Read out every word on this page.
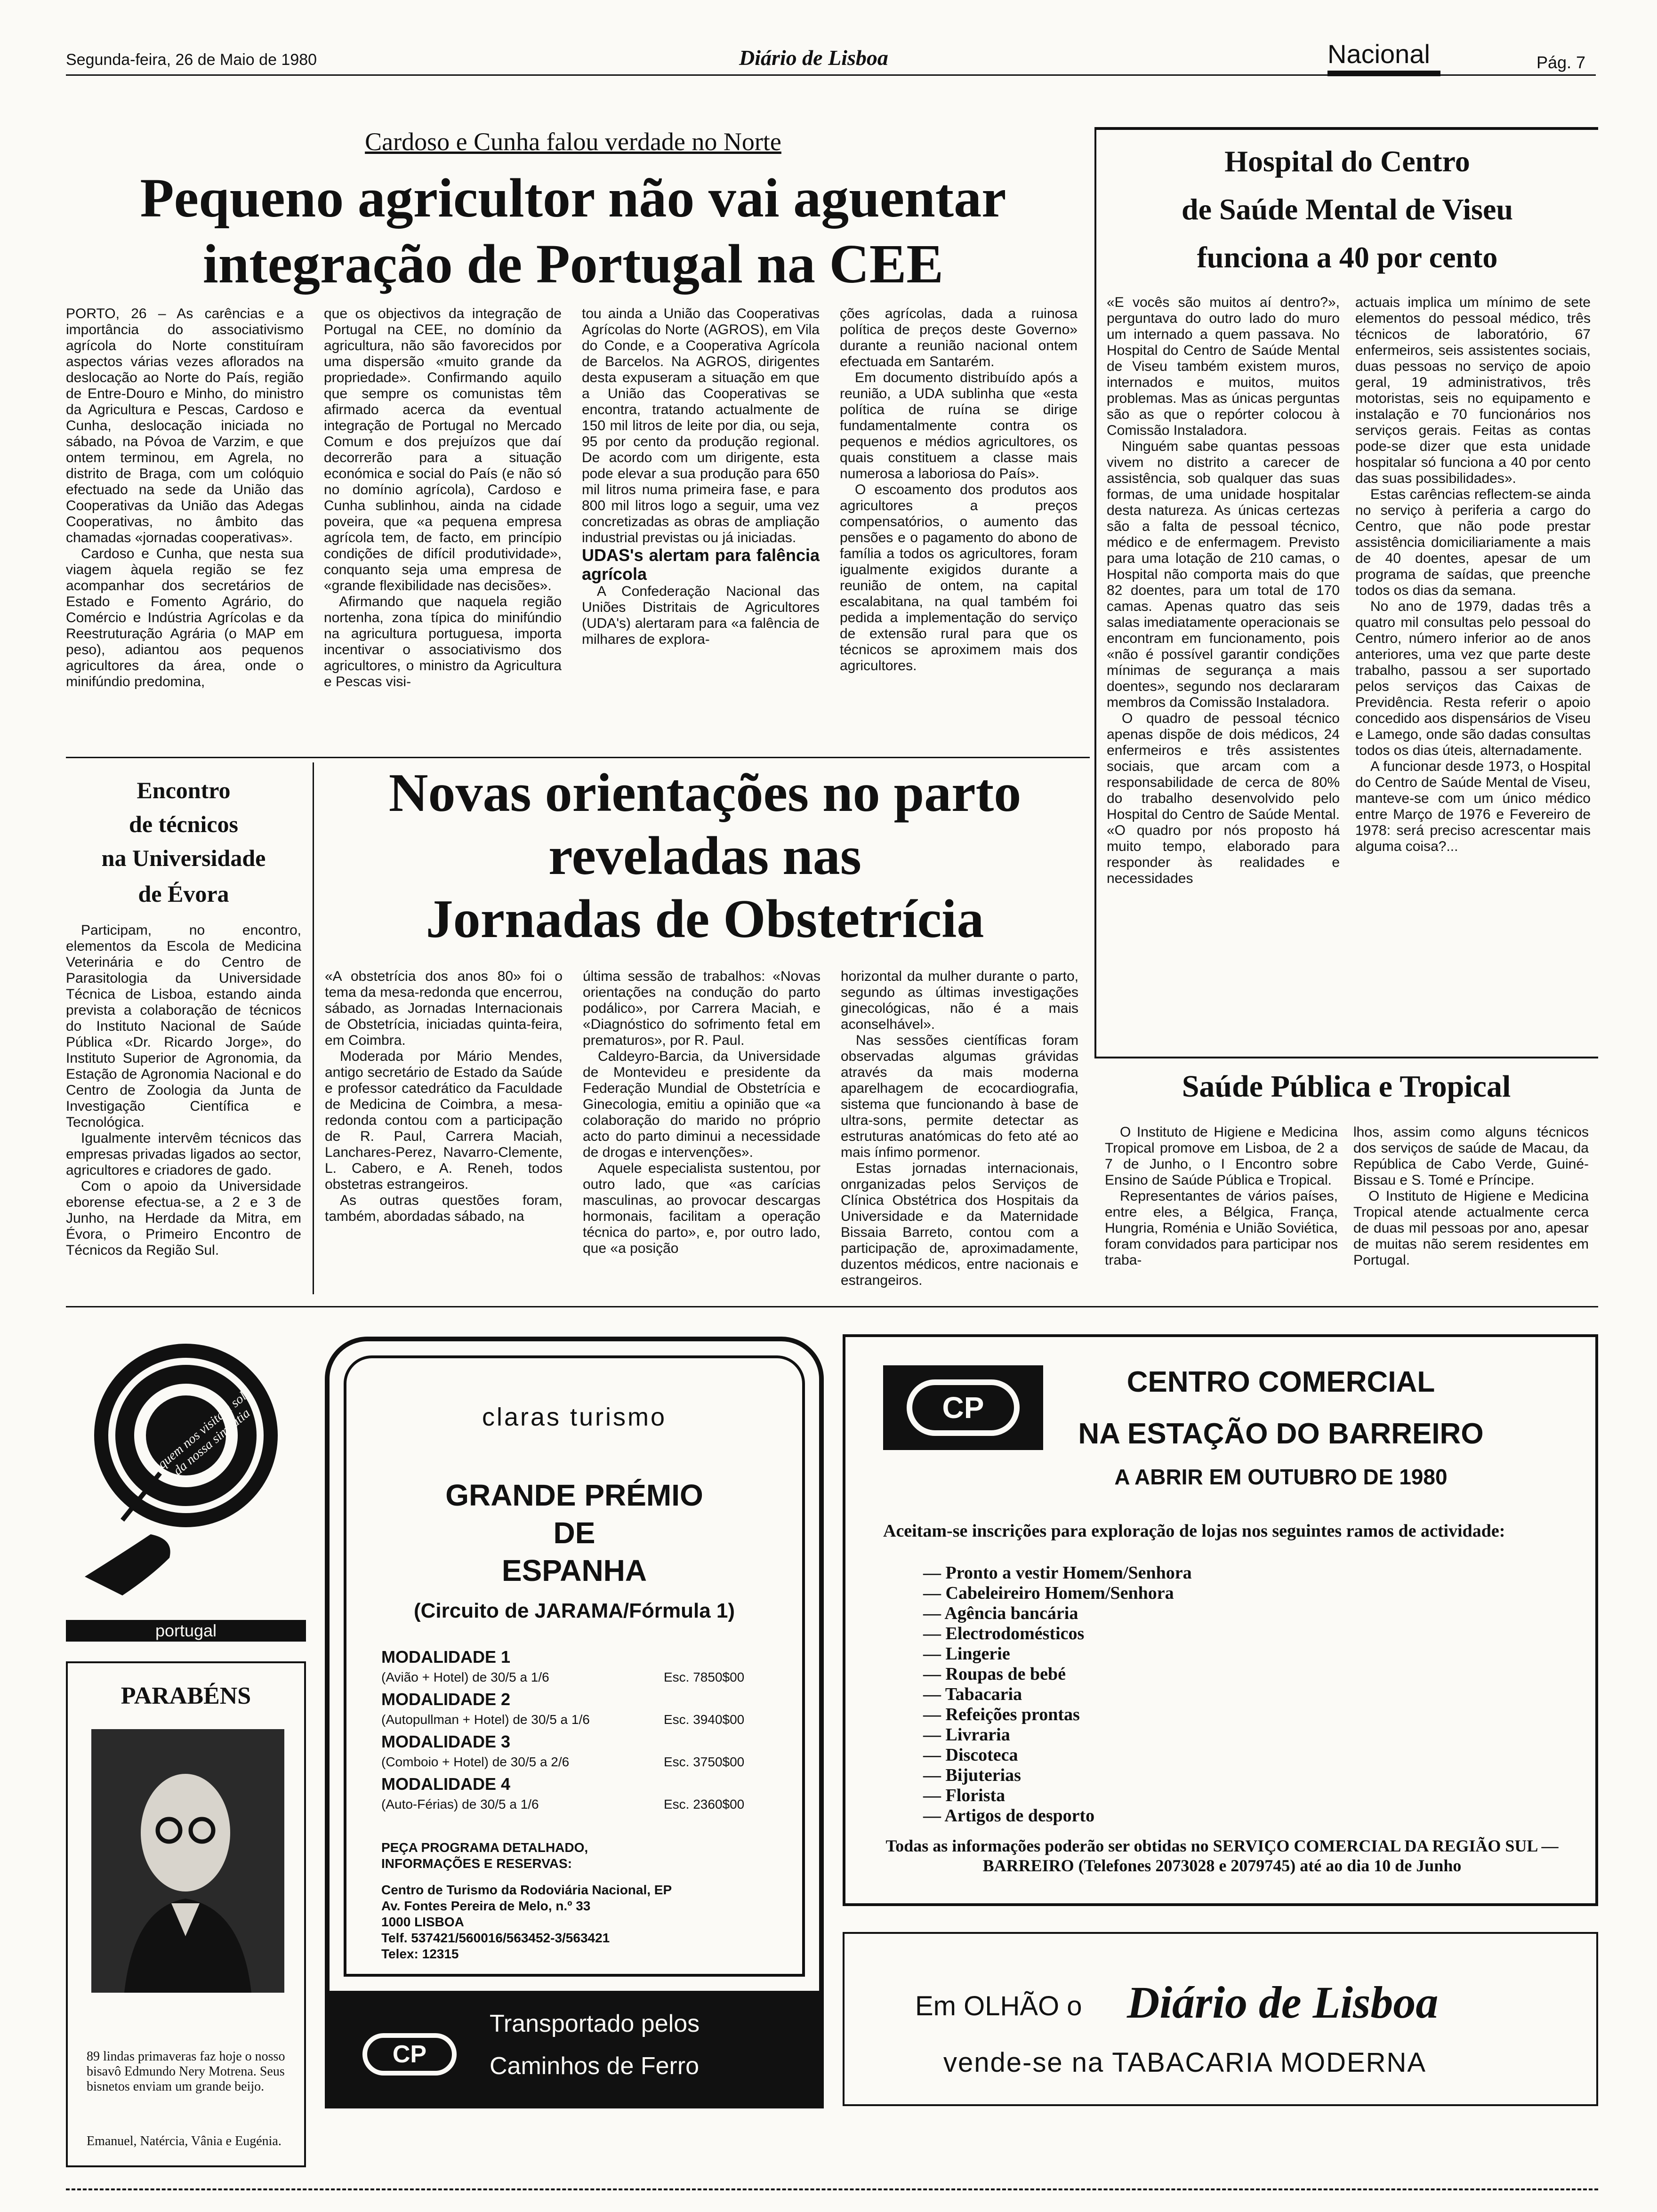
Segunda-feira, 26 de Maio de 1980	Diário de Lisboa	Nacional	Pág. 7
Cardoso e Cunha falou verdade no Norte
Pequeno agricultor não vai aguentar
integração de Portugal na CEE

PORTO, 26 – As carências e a importância do associativismo agrícola do Norte constituíram aspectos várias vezes aflorados na deslocação ao Norte do País, região de Entre-Douro e Minho, do ministro da Agricultura e Pescas, Cardoso e Cunha, deslocação iniciada no sábado, na Póvoa de Varzim, e que ontem terminou, em Agrela, no distrito de Braga, com um colóquio efectuado na sede da União das Cooperativas da União das Adegas Cooperativas, no âmbito das chamadas «jornadas cooperativas».

Cardoso e Cunha, que nesta sua viagem àquela região se fez acompanhar dos secretários de Estado e Fomento Agrário, do Comércio e Indústria Agrícolas e da Reestruturação Agrária (o MAP em peso), adiantou aos pequenos agricultores da área, onde o minifúndio predomina,

que os objectivos da integração de Portugal na CEE, no domínio da agricultura, não são favorecidos por uma dispersão «muito grande da propriedade». Confirmando aquilo que sempre os comunistas têm afirmado acerca da eventual integração de Portugal no Mercado Comum e dos prejuízos que daí decorrerão para a situação económica e social do País (e não só no domínio agrícola), Cardoso e Cunha sublinhou, ainda na cidade poveira, que «a pequena empresa agrícola tem, de facto, em princípio condições de difícil produtividade», conquanto seja uma empresa de «grande flexibilidade nas decisões».

Afirmando que naquela região nortenha, zona típica do minifúndio na agricultura portuguesa, importa incentivar o associativismo dos agricultores, o ministro da Agricultura e Pescas visi-

tou ainda a União das Cooperativas Agrícolas do Norte (AGROS), em Vila do Conde, e a Cooperativa Agrícola de Barcelos. Na AGROS, dirigentes desta expuseram a situação em que a União das Cooperativas se encontra, tratando actualmente de 150 mil litros de leite por dia, ou seja, 95 por cento da produção regional. De acordo com um dirigente, esta pode elevar a sua produção para 650 mil litros numa primeira fase, e para 800 mil litros logo a seguir, uma vez concretizadas as obras de ampliação industrial previstas ou já iniciadas.

UDAS's alertam para falência agrícola

A Confederação Nacional das Uniões Distritais de Agricultores (UDA's) alertaram para «a falência de milhares de explora-

ções agrícolas, dada a ruinosa política de preços deste Governo» durante a reunião nacional ontem efectuada em Santarém.

Em documento distribuído após a reunião, a UDA sublinha que «esta política de ruína se dirige fundamentalmente contra os pequenos e médios agricultores, os quais constituem a classe mais numerosa a laboriosa do País».

O escoamento dos produtos aos agricultores a preços compensatórios, o aumento das pensões e o pagamento do abono de família a todos os agricultores, foram igualmente exigidos durante a reunião de ontem, na capital escalabitana, na qual também foi pedida a implementação do serviço de extensão rural para que os técnicos se aproximem mais dos agricultores.

Hospital do Centro
de Saúde Mental de Viseu
funciona a 40 por cento

«E vocês são muitos aí dentro?», perguntava do outro lado do muro um internado a quem passava. No Hospital do Centro de Saúde Mental de Viseu também existem muros, internados e muitos, muitos problemas. Mas as únicas perguntas são as que o repórter colocou à Comissão Instaladora.

Ninguém sabe quantas pessoas vivem no distrito a carecer de assistência, sob qualquer das suas formas, de uma unidade hospitalar desta natureza. As únicas certezas são a falta de pessoal técnico, médico e de enfermagem. Previsto para uma lotação de 210 camas, o Hospital não comporta mais do que 82 doentes, para um total de 170 camas. Apenas quatro das seis salas imediatamente operacionais se encontram em funcionamento, pois «não é possível garantir condições mínimas de segurança a mais doentes», segundo nos declararam membros da Comissão Instaladora.

O quadro de pessoal técnico apenas dispõe de dois médicos, 24 enfermeiros e três assistentes sociais, que arcam com a responsabilidade de cerca de 80% do trabalho desenvolvido pelo Hospital do Centro de Saúde Mental. «O quadro por nós proposto há muito tempo, elaborado para responder às realidades e necessidades

actuais implica um mínimo de sete elementos do pessoal médico, três técnicos de laboratório, 67 enfermeiros, seis assistentes sociais, duas pessoas no serviço de apoio geral, 19 administrativos, três motoristas, seis no equipamento e instalação e 70 funcionários nos serviços gerais. Feitas as contas pode-se dizer que esta unidade hospitalar só funciona a 40 por cento das suas possibilidades».

Estas carências reflectem-se ainda no serviço à periferia a cargo do Centro, que não pode prestar assistência domiciliariamente a mais de 40 doentes, apesar de um programa de saídas, que preenche todos os dias da semana.

No ano de 1979, dadas três a quatro mil consultas pelo pessoal do Centro, número inferior ao de anos anteriores, uma vez que parte deste trabalho, passou a ser suportado pelos serviços das Caixas de Previdência. Resta referir o apoio concedido aos dispensários de Viseu e Lamego, onde são dadas consultas todos os dias úteis, alternadamente.

A funcionar desde 1973, o Hospital do Centro de Saúde Mental de Viseu, manteve-se com um único médico entre Março de 1976 e Fevereiro de 1978: será preciso acrescentar mais alguma coisa?...

Encontro
de técnicos
na Universidade
de Évora

Participam, no encontro, elementos da Escola de Medicina Veterinária e do Centro de Parasitologia da Universidade Técnica de Lisboa, estando ainda prevista a colaboração de técnicos do Instituto Nacional de Saúde Pública «Dr. Ricardo Jorge», do Instituto Superior de Agronomia, da Estação de Agronomia Nacional e do Centro de Zoologia da Junta de Investigação Científica e Tecnológica.

Igualmente intervêm técnicos das empresas privadas ligados ao sector, agricultores e criadores de gado.

Com o apoio da Universidade eborense efectua-se, a 2 e 3 de Junho, na Herdade da Mitra, em Évora, o Primeiro Encontro de Técnicos da Região Sul.

Novas orientações no parto
reveladas nas
Jornadas de Obstetrícia

«A obstetrícia dos anos 80» foi o tema da mesa-redonda que encerrou, sábado, as Jornadas Internacionais de Obstetrícia, iniciadas quinta-feira, em Coimbra.

Moderada por Mário Mendes, antigo secretário de Estado da Saúde e professor catedrático da Faculdade de Medicina de Coimbra, a mesa-redonda contou com a participação de R. Paul, Carrera Maciah, Lanchares-Perez, Navarro-Clemente, L. Cabero, e A. Reneh, todos obstetras estrangeiros.

As outras questões foram, também, abordadas sábado, na

última sessão de trabalhos: «Novas orientações na condução do parto podálico», por Carrera Maciah, e «Diagnóstico do sofrimento fetal em prematuros», por R. Paul.

Caldeyro-Barcia, da Universidade de Montevideu e presidente da Federação Mundial de Obstetrícia e Ginecologia, emitiu a opinião que «a colaboração do marido no próprio acto do parto diminui a necessidade de drogas e intervenções».

Aquele especialista sustentou, por outro lado, que «as carícias masculinas, ao provocar descargas hormonais, facilitam a operação técnica do parto», e, por outro lado, que «a posição

horizontal da mulher durante o parto, segundo as últimas investigações ginecológicas, não é a mais aconselhável».

Nas sessões científicas foram observadas algumas grávidas através da mais moderna aparelhagem de ecocardiografia, sistema que funcionando à base de ultra-sons, permite detectar as estruturas anatómicas do feto até ao mais ínfimo pormenor.

Estas jornadas internacionais, onrganizadas pelos Serviços de Clínica Obstétrica dos Hospitais da Universidade e da Maternidade Bissaia Barreto, contou com a participação de, aproximadamente, duzentos médicos, entre nacionais e estrangeiros.

Saúde Pública e Tropical

O Instituto de Higiene e Medicina Tropical promove em Lisboa, de 2 a 7 de Junho, o I Encontro sobre Ensino de Saúde Pública e Tropical.

Representantes de vários países, entre eles, a Bélgica, França, Hungria, Roménia e União Soviética, foram convidados para participar nos traba-

lhos, assim como alguns técnicos dos serviços de saúde de Macau, da República de Cabo Verde, Guiné-Bissau e S. Tomé e Príncipe.

O Instituto de Higiene e Medicina Tropical atende actualmente cerca de duas mil pessoas por ano, apesar de muitas não serem residentes em Portugal.

quem nos visita a sol da nossa simpatia
portugal
PARABÉNS
89 lindas primaveras faz hoje o nosso bisavô Edmundo Nery Motrena. Seus bisnetos enviam um grande beijo.
Emanuel, Natércia, Vânia e Eugénia.
claras turismo
GRANDE PRÉMIO
DE
ESPANHA
(Circuito de JARAMA/Fórmula 1)
MODALIDADE 1
(Avião + Hotel) de 30/5 a 1/6	Esc. 7850$00
MODALIDADE 2
(Autopullman + Hotel) de 30/5 a 1/6	Esc. 3940$00
MODALIDADE 3
(Comboio + Hotel) de 30/5 a 2/6	Esc. 3750$00
MODALIDADE 4
(Auto-Férias) de 30/5 a 1/6	Esc. 2360$00
PEÇA PROGRAMA DETALHADO,
INFORMAÇÕES E RESERVAS:
Centro de Turismo da Rodoviária Nacional, EP
Av. Fontes Pereira de Melo, n.º 33
1000 LISBOA
Telf. 537421/560016/563452-3/563421
Telex: 12315
CP
Transportado pelos
Caminhos de Ferro
CP
CENTRO COMERCIAL
NA ESTAÇÃO DO BARREIRO
A ABRIR EM OUTUBRO DE 1980
Aceitam-se inscrições para exploração de lojas nos seguintes ramos de actividade:
— Pronto a vestir Homem/Senhora
— Cabeleireiro Homem/Senhora
— Agência bancária
— Electrodomésticos
— Lingerie
— Roupas de bebé
— Tabacaria
— Refeições prontas
— Livraria
— Discoteca
— Bijuterias
— Florista
— Artigos de desporto
Todas as informações poderão ser obtidas no SERVIÇO COMERCIAL DA REGIÃO SUL — BARREIRO (Telefones 2073028 e 2079745) até ao dia 10 de Junho
Em OLHÃO o Diário de Lisboa
vende-se na TABACARIA MODERNA
